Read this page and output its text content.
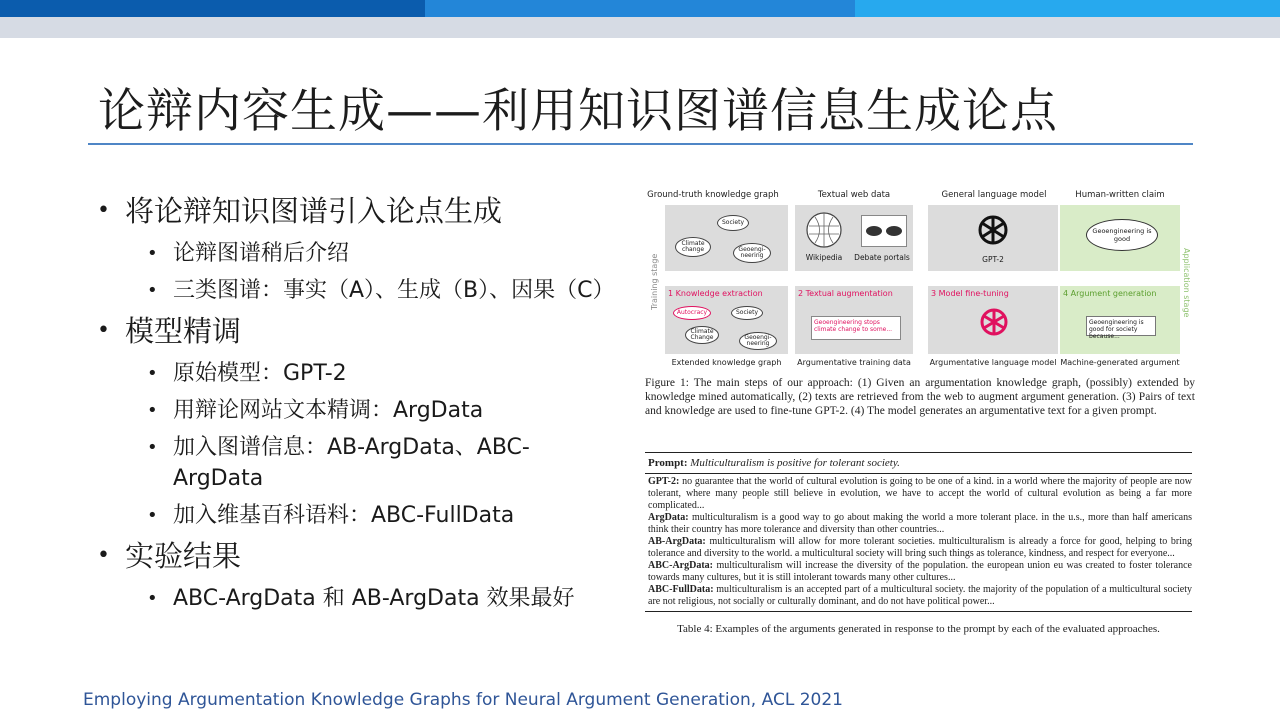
论辩内容生成——利用知识图谱信息生成论点
• 将论辩知识图谱引入论点生成
• 论辩图谱稍后介绍
• 三类图谱：事实（A）、生成（B）、因果（C）
• 模型精调
• 原始模型：GPT-2
• 用辩论网站文本精调：ArgData
• 加入图谱信息：AB-ArgData、ABC-ArgData
• 加入维基百科语料：ABC-FullData
• 实验结果
• ABC-ArgData 和 AB-ArgData 效果最好
Ground-truth knowledge graph	Textual web data	General language model	Human-written claim
Training stage	Application stage
Society
Climate change	Geoengi-neering	Wikipedia	Debate portals	GPT-2
Geoengineering is good
1 Knowledge extraction
Autocracy	Society
Climate Change	Geoengi-neering
2 Textual augmentation
Geoengineering stops climate change to some...
3 Model fine-tuning	4 Argument generation
Geoengineering is good for society because...
Extended knowledge graph	Argumentative training data Argumentative language model Machine-generated argument
Figure 1: The main steps of our approach: (1) Given an argumentation knowledge graph, (possibly) extended by knowledge mined automatically, (2) texts are retrieved from the web to augment argument generation. (3) Pairs of text and knowledge are used to fine-tune GPT-2. (4) The model generates an argumentative text for a given prompt.
Prompt: Multiculturalism is positive for tolerant society.

GPT-2: no guarantee that the world of cultural evolution is going to be one of a kind. in a world where the majority of people are now tolerant, where many people still believe in evolution, we have to accept the world of cultural evolution as being a far more complicated...

ArgData: multiculturalism is a good way to go about making the world a more tolerant place. in the u.s., more than half americans think their country has more tolerance and diversity than other countries...

AB-ArgData: multiculturalism will allow for more tolerant societies. multiculturalism is already a force for good, helping to bring tolerance and diversity to the world. a multicultural society will bring such things as tolerance, kindness, and respect for everyone...

ABC-ArgData: multiculturalism will increase the diversity of the population. the european union eu was created to foster tolerance towards many cultures, but it is still intolerant towards many other cultures...

ABC-FullData: multiculturalism is an accepted part of a multicultural society. the majority of the population of a multicultural society are not religious, not socially or culturally dominant, and do not have political power...

Table 4: Examples of the arguments generated in response to the prompt by each of the evaluated approaches.
Employing Argumentation Knowledge Graphs for Neural Argument Generation, ACL 2021
